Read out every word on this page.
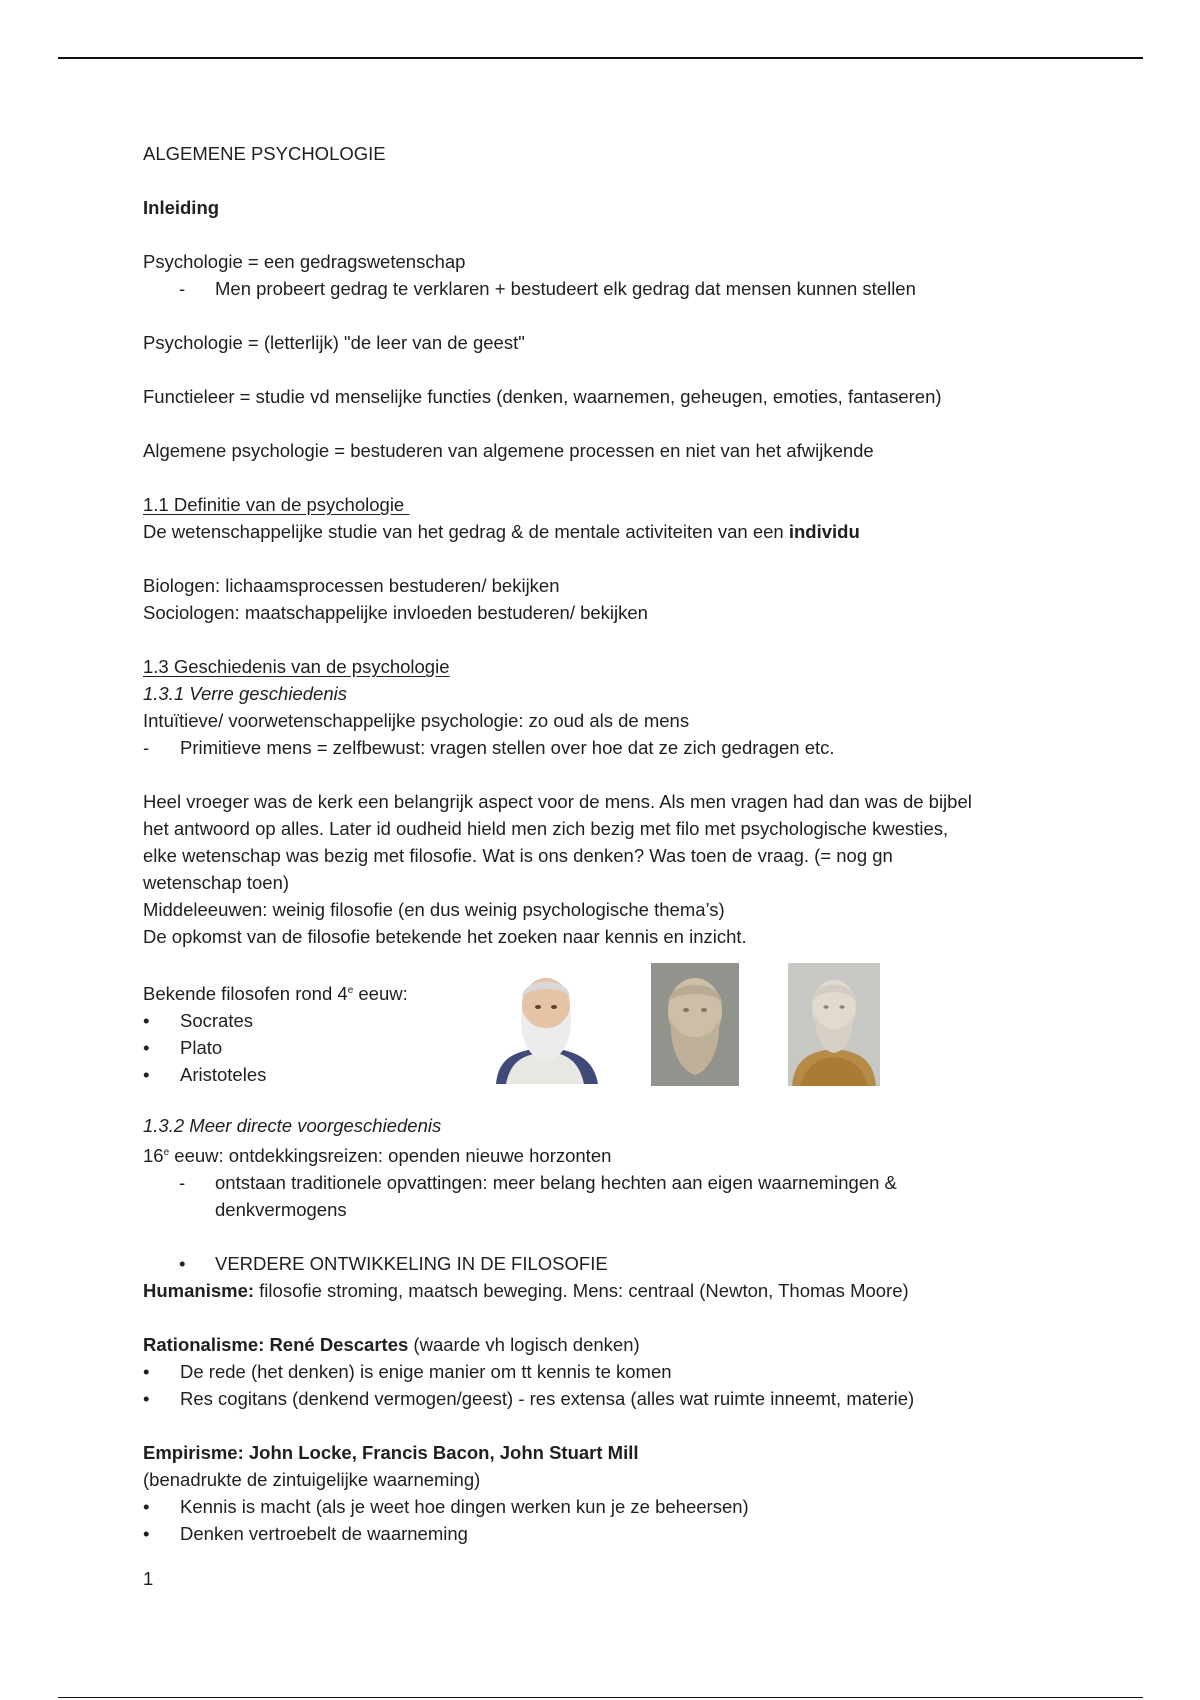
ALGEMENE PSYCHOLOGIE
Inleiding
Psychologie = een gedragswetenschap
-	Men probeert gedrag te verklaren + bestudeert elk gedrag dat mensen kunnen stellen
Psychologie = (letterlijk) "de leer van de geest"
Functieleer = studie vd menselijke functies (denken, waarnemen, geheugen, emoties, fantaseren)
Algemene psychologie = bestuderen van algemene processen en niet van het afwijkende
1.1 Definitie van de psychologie
De wetenschappelijke studie van het gedrag & de mentale activiteiten van een individu
Biologen: lichaamsprocessen bestuderen/ bekijken
Sociologen: maatschappelijke invloeden bestuderen/ bekijken
1.3 Geschiedenis van de psychologie
1.3.1 Verre geschiedenis
Intuïtieve/ voorwetenschappelijke psychologie: zo oud als de mens
-	Primitieve mens = zelfbewust: vragen stellen over hoe dat ze zich gedragen etc.
Heel vroeger was de kerk een belangrijk aspect voor de mens. Als men vragen had dan was de bijbel
het antwoord op alles. Later id oudheid hield men zich bezig met filo met psychologische kwesties,
elke wetenschap was bezig met filosofie. Wat is ons denken? Was toen de vraag. (= nog gn
wetenschap toen)
Middeleeuwen: weinig filosofie (en dus weinig psychologische thema’s)
De opkomst van de filosofie betekende het zoeken naar kennis en inzicht.
Bekende filosofen rond 4e eeuw:
•	Socrates
•	Plato
•	Aristoteles
1.3.2 Meer directe voorgeschiedenis
16e eeuw: ontdekkingsreizen: openden nieuwe horzonten
-	ontstaan traditionele opvattingen: meer belang hechten aan eigen waarnemingen &
denkvermogens
•	VERDERE ONTWIKKELING IN DE FILOSOFIE
Humanisme: filosofie stroming, maatsch beweging. Mens: centraal (Newton, Thomas Moore)
Rationalisme: René Descartes (waarde vh logisch denken)
•	De rede (het denken) is enige manier om tt kennis te komen
•	Res cogitans (denkend vermogen/geest) - res extensa (alles wat ruimte inneemt, materie)
Empirisme: John Locke, Francis Bacon, John Stuart Mill
(benadrukte de zintuigelijke waarneming)
•	Kennis is macht (als je weet hoe dingen werken kun je ze beheersen)
•	Denken vertroebelt de waarneming
1
